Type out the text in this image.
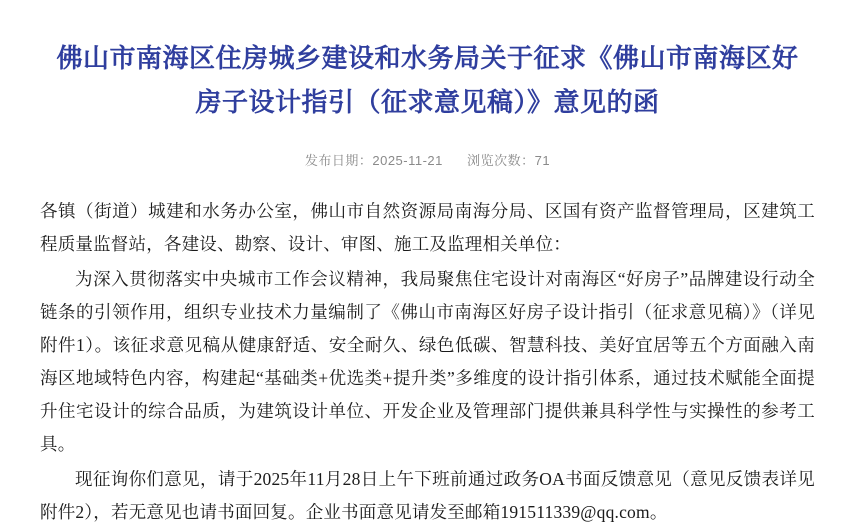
佛山市南海区住房城乡建设和水务局关于征求《佛山市南海区好房子设计指引（征求意见稿）》意见的函
发布日期：2025-11-21 浏览次数：71

各镇（街道）城建和水务办公室，佛山市自然资源局南海分局、区国有资产监督管理局，区建筑工程质量监督站，各建设、勘察、设计、审图、施工及监理相关单位：

为深入贯彻落实中央城市工作会议精神，我局聚焦住宅设计对南海区“好房子”品牌建设行动全链条的引领作用，组织专业技术力量编制了《佛山市南海区好房子设计指引（征求意见稿）》（详见附件1）。该征求意见稿从健康舒适、安全耐久、绿色低碳、智慧科技、美好宜居等五个方面融入南海区地域特色内容，构建起“基础类+优选类+提升类”多维度的设计指引体系，通过技术赋能全面提升住宅设计的综合品质，为建筑设计单位、开发企业及管理部门提供兼具科学性与实操性的参考工具。

现征询你们意见，请于2025年11月28日上午下班前通过政务OA书面反馈意见（意见反馈表详见附件2），若无意见也请书面回复。企业书面意见请发至邮箱191511339@qq.com。
